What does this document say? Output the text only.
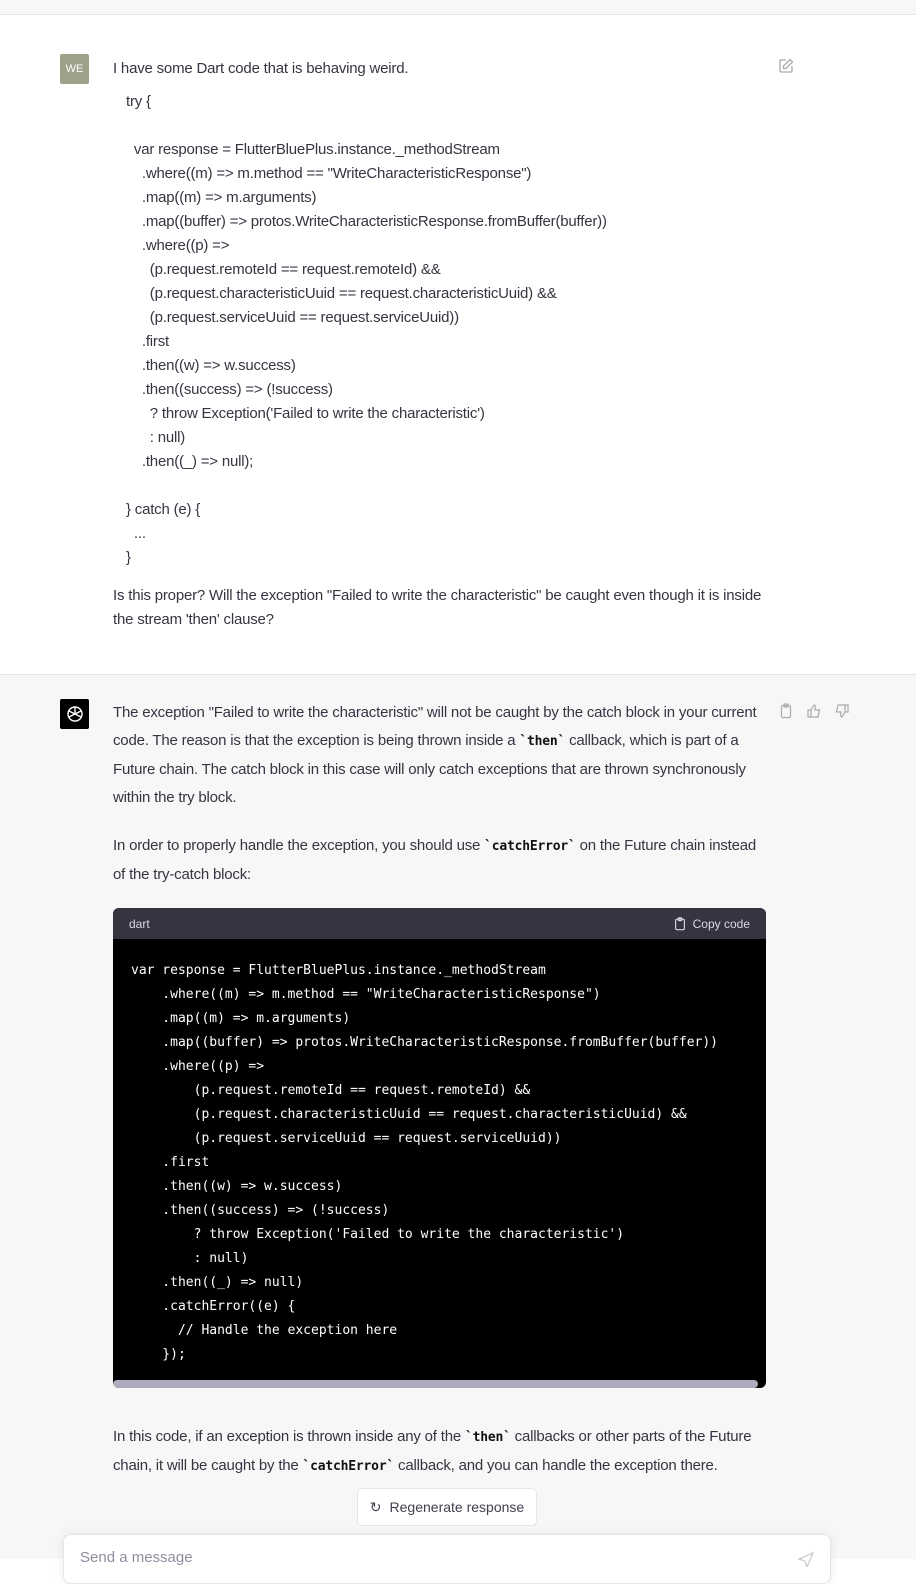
WE	I have some Dart code that is behaving weird.
try {
var response = FlutterBluePlus.instance._methodStream
.where((m) => m.method == "WriteCharacteristicResponse")
.map((m) => m.arguments)
.map((buffer) => protos.WriteCharacteristicResponse.fromBuffer(buffer))
.where((p) =>
(p.request.remoteId == request.remoteId) &&
(p.request.characteristicUuid == request.characteristicUuid) &&
(p.request.serviceUuid == request.serviceUuid))
.first
.then((w) => w.success)
.then((success) => (!success)
? throw Exception('Failed to write the characteristic')
: null)
.then((_) => null);
} catch (e) {
...
}
Is this proper? Will the exception "Failed to write the characteristic" be caught even though it is inside the stream 'then' clause?

The exception "Failed to write the characteristic" will not be caught by the catch block in your current code. The reason is that the exception is being thrown inside a `then` callback, which is part of a Future chain. The catch block in this case will only catch exceptions that are thrown synchronously within the try block.

In order to properly handle the exception, you should use `catchError` on the Future chain instead of the try-catch block:

dart	Copy code
var response = FlutterBluePlus.instance._methodStream
.where((m) => m.method == "WriteCharacteristicResponse")
.map((m) => m.arguments)
.map((buffer) => protos.WriteCharacteristicResponse.fromBuffer(buffer))
.where((p) =>
(p.request.remoteId == request.remoteId) &&
(p.request.characteristicUuid == request.characteristicUuid) &&
(p.request.serviceUuid == request.serviceUuid))
.first
.then((w) => w.success)
.then((success) => (!success)
? throw Exception('Failed to write the characteristic')
: null)
.then((_) => null)
.catchError((e) {
// Handle the exception here
});
In this code, if an exception is thrown inside any of the `then` callbacks or other parts of the Future chain, it will be caught by the `catchError` callback, and you can handle the exception there.
↻ Regenerate response
Send a message
